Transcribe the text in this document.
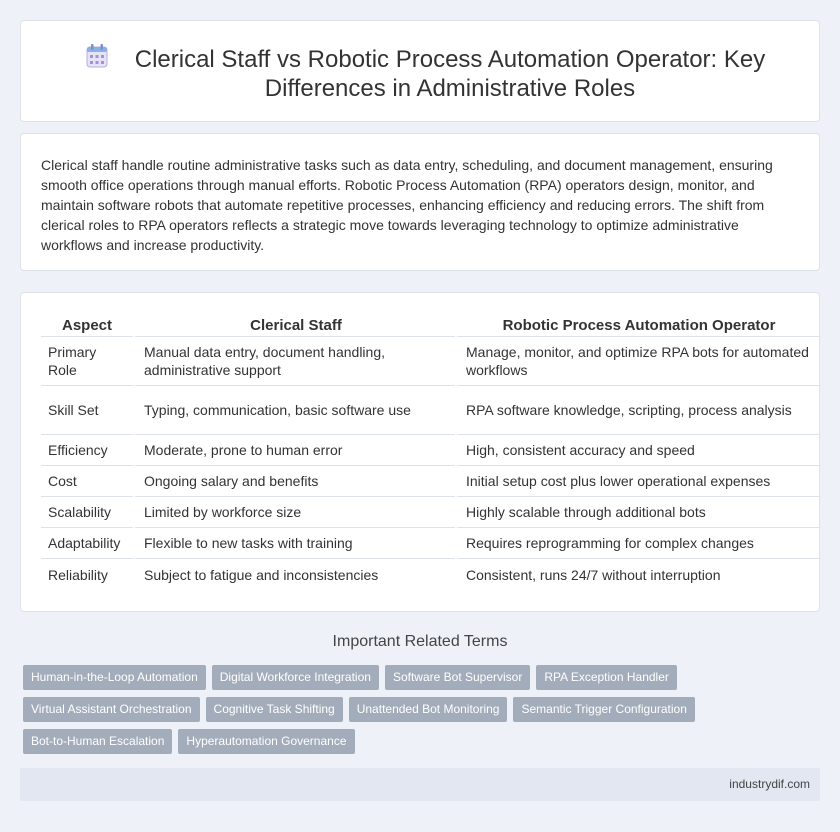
Clerical Staff vs Robotic Process Automation Operator: Key Differences in Administrative Roles

Clerical staff handle routine administrative tasks such as data entry, scheduling, and document management, ensuring smooth office operations through manual efforts. Robotic Process Automation (RPA) operators design, monitor, and maintain software robots that automate repetitive processes, enhancing efficiency and reducing errors. The shift from clerical roles to RPA operators reflects a strategic move towards leveraging technology to optimize administrative workflows and increase productivity.

Aspect	Clerical Staff	Robotic Process Automation Operator
Primary Role	Manual data entry, document handling, administrative support	Manage, monitor, and optimize RPA bots for automated workflows
Skill Set	Typing, communication, basic software use	RPA software knowledge, scripting, process analysis
Efficiency	Moderate, prone to human error	High, consistent accuracy and speed
Cost	Ongoing salary and benefits	Initial setup cost plus lower operational expenses
Scalability	Limited by workforce size	Highly scalable through additional bots
Adaptability	Flexible to new tasks with training	Requires reprogramming for complex changes
Reliability	Subject to fatigue and inconsistencies	Consistent, runs 24/7 without interruption
Important Related Terms
Human-in-the-Loop Automation Digital Workforce Integration Software Bot Supervisor RPA Exception Handler
Virtual Assistant Orchestration Cognitive Task Shifting Unattended Bot Monitoring Semantic Trigger Configuration
Bot-to-Human Escalation Hyperautomation Governance
industrydif.com
